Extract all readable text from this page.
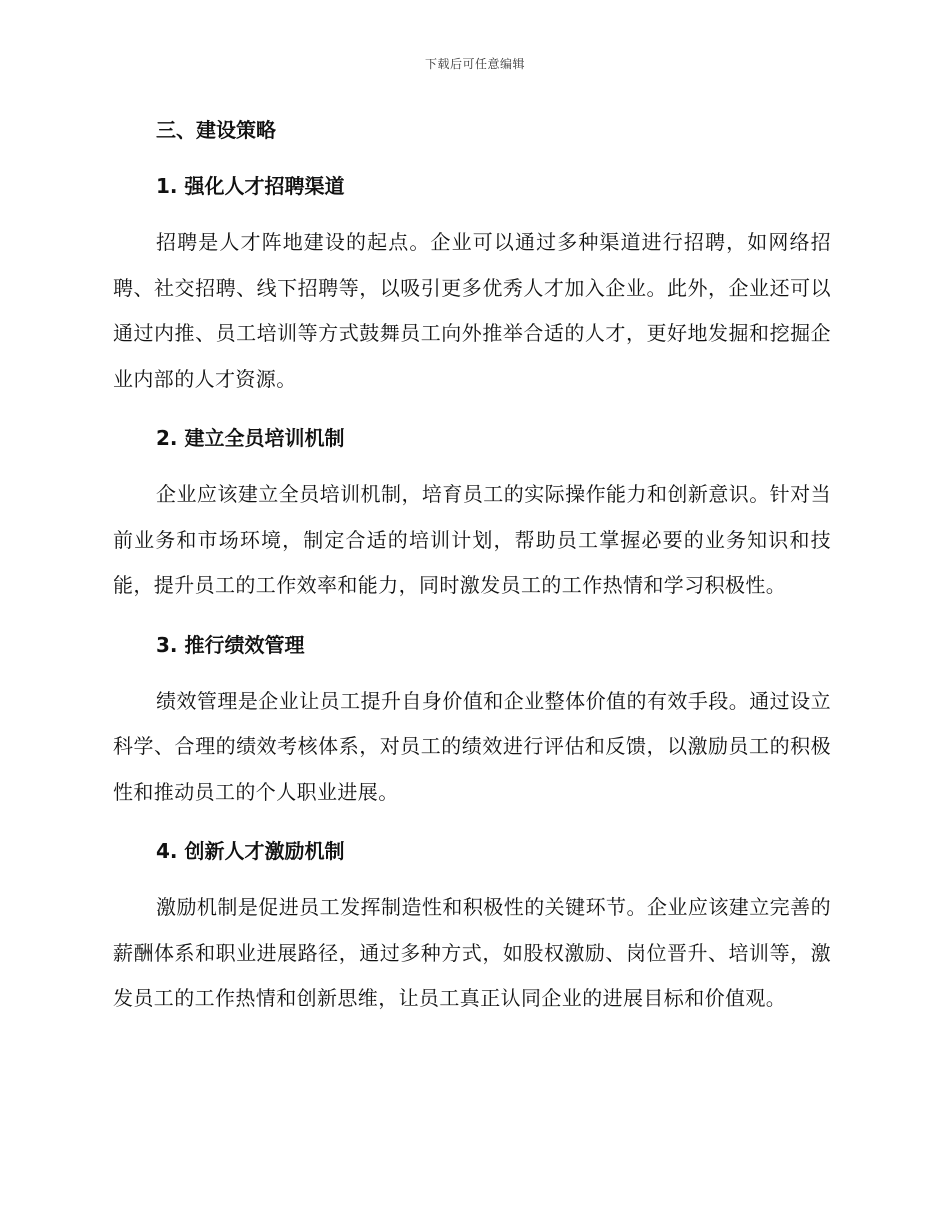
下载后可任意编辑
三、建设策略
1. 强化人才招聘渠道

招聘是人才阵地建设的起点。企业可以通过多种渠道进行招聘，如网络招聘、社交招聘、线下招聘等，以吸引更多优秀人才加入企业。此外，企业还可以通过内推、员工培训等方式鼓舞员工向外推举合适的人才，更好地发掘和挖掘企业内部的人才资源。

2. 建立全员培训机制

企业应该建立全员培训机制，培育员工的实际操作能力和创新意识。针对当前业务和市场环境，制定合适的培训计划，帮助员工掌握必要的业务知识和技能，提升员工的工作效率和能力，同时激发员工的工作热情和学习积极性。

3. 推行绩效管理

绩效管理是企业让员工提升自身价值和企业整体价值的有效手段。通过设立科学、合理的绩效考核体系，对员工的绩效进行评估和反馈，以激励员工的积极性和推动员工的个人职业进展。

4. 创新人才激励机制

激励机制是促进员工发挥制造性和积极性的关键环节。企业应该建立完善的薪酬体系和职业进展路径，通过多种方式，如股权激励、岗位晋升、培训等，激发员工的工作热情和创新思维，让员工真正认同企业的进展目标和价值观。
